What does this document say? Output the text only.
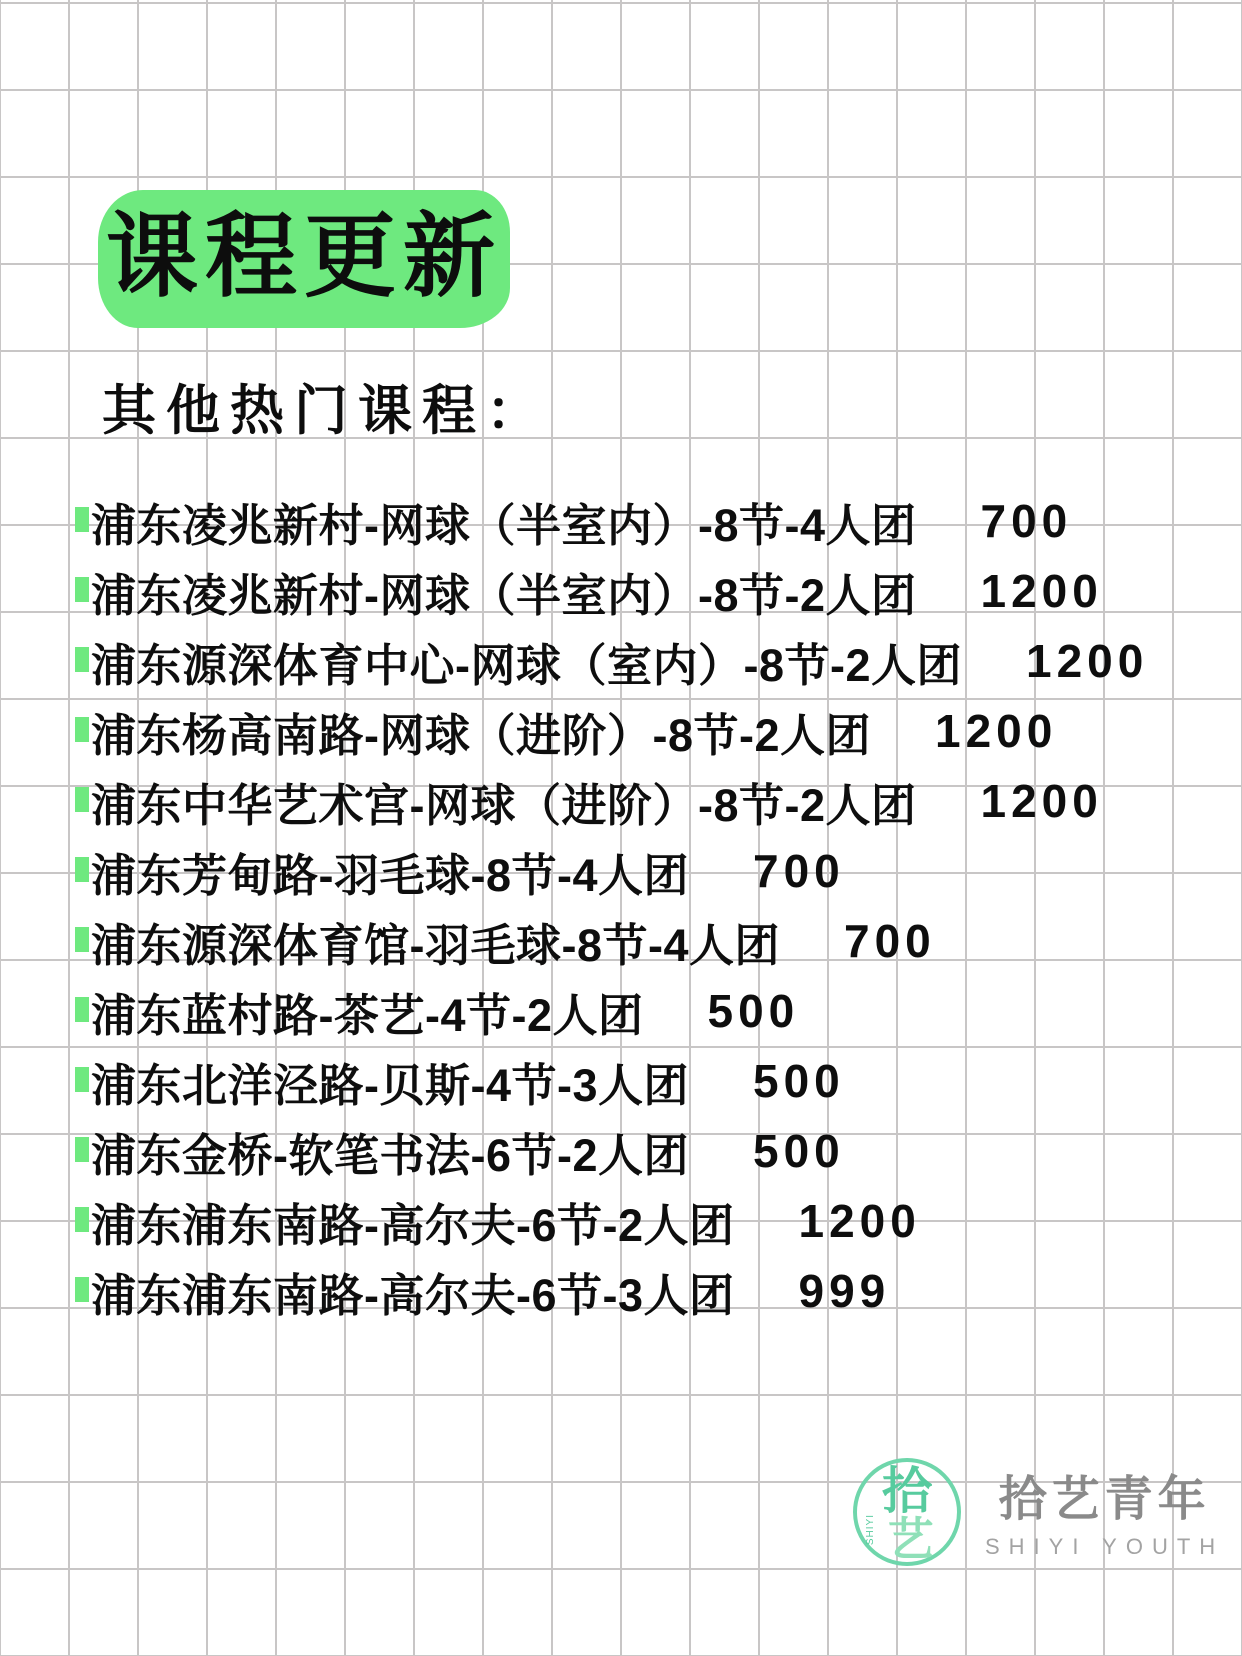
课程更新
其他热门课程：
浦东凌兆新村-网球（半室内）-8节-4人团 700
浦东凌兆新村-网球（半室内）-8节-2人团 1200
浦东源深体育中心-网球（室内）-8节-2人团 1200
浦东杨高南路-网球（进阶）-8节-2人团 1200
浦东中华艺术宫-网球（进阶）-8节-2人团 1200
浦东芳甸路-羽毛球-8节-4人团 700
浦东源深体育馆-羽毛球-8节-4人团 700
浦东蓝村路-茶艺-4节-2人团 500
浦东北洋泾路-贝斯-4节-3人团 500
浦东金桥-软笔书法-6节-2人团 500
浦东浦东南路-高尔夫-6节-2人团 1200
浦东浦东南路-高尔夫-6节-3人团 999
拾
艺
SHIYI
拾艺青年
SHIYI YOUTH
